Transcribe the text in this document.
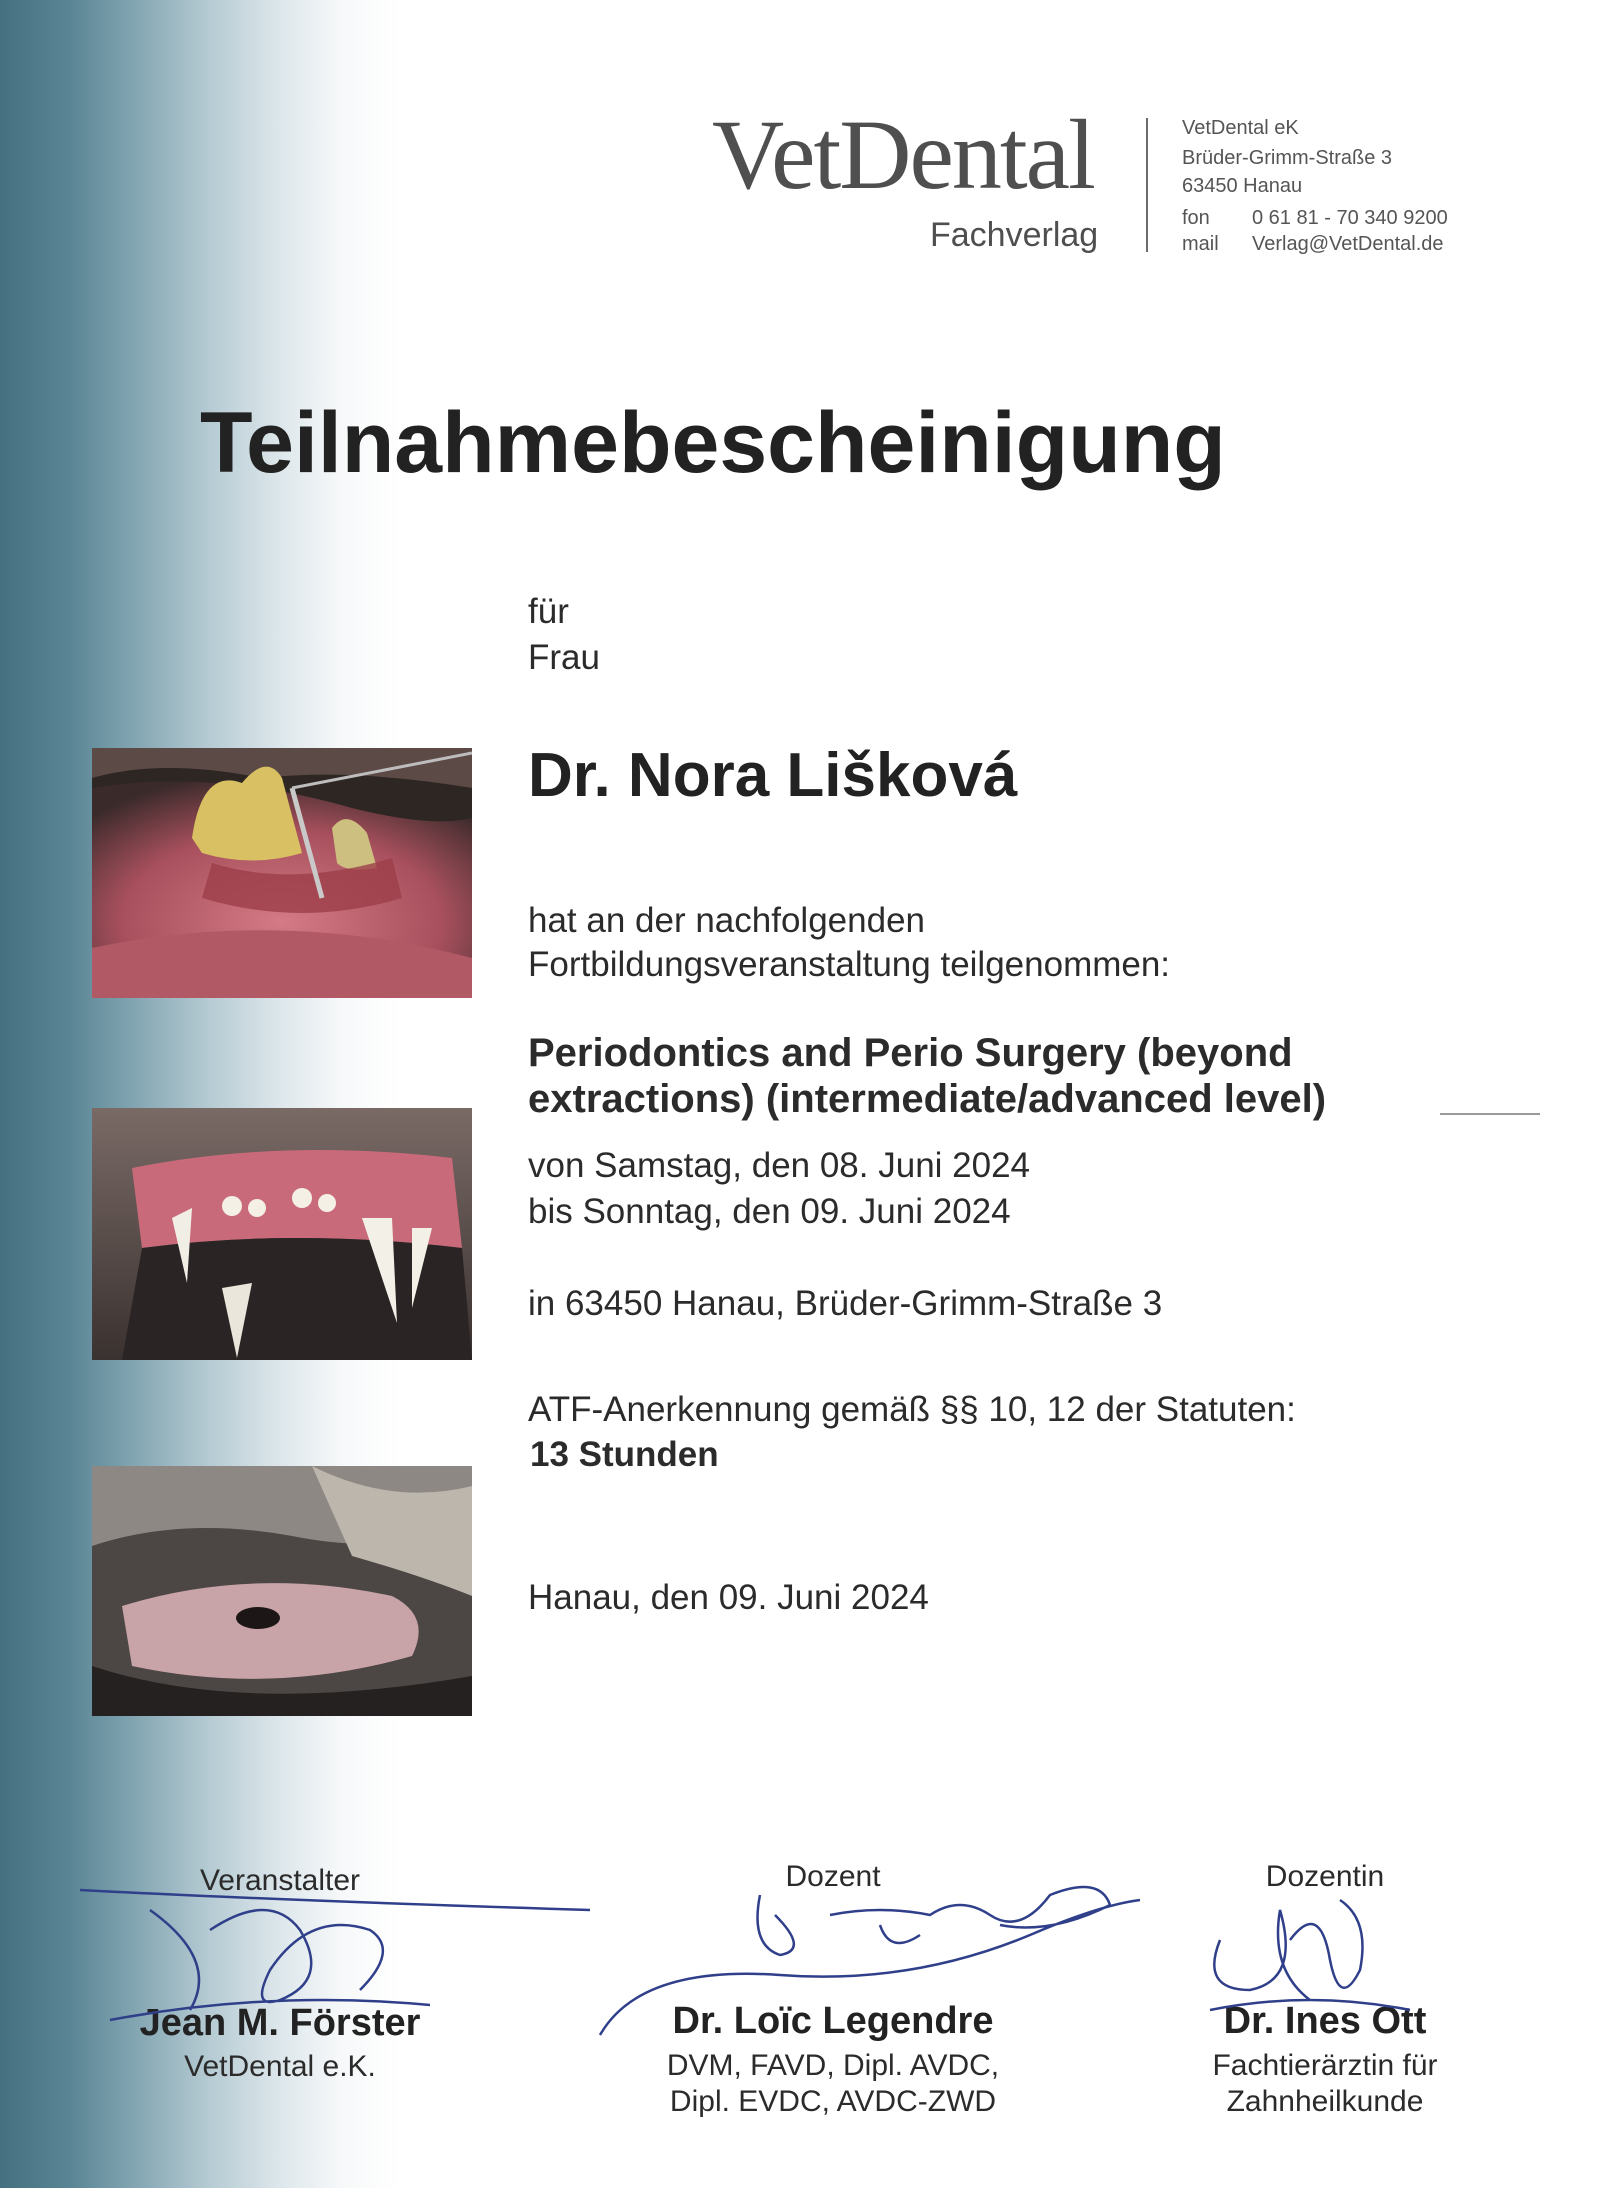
VetDental
Fachverlag
VetDental eK
Brüder-Grimm-Straße 3
63450 Hanau
fon 0 61 81 - 70 340 9200
mail Verlag@VetDental.de
Teilnahmebescheinigung
für
Frau
Dr. Nora Lišková
hat an der nachfolgenden
Fortbildungsveranstaltung teilgenommen:
Periodontics and Perio Surgery (beyond
extractions) (intermediate/advanced level)
von Samstag, den 08. Juni 2024
bis Sonntag, den 09. Juni 2024
in 63450 Hanau, Brüder-Grimm-Straße 3
ATF-Anerkennung gemäß §§ 10, 12 der Statuten:
13 Stunden
Hanau, den 09. Juni 2024
Veranstalter
Jean M. Förster
VetDental e.K.
Dozent
Dr. Loïc Legendre
DVM, FAVD, Dipl. AVDC,
Dipl. EVDC, AVDC-ZWD
Dozentin
Dr. Ines Ott
Fachtierärztin für
Zahnheilkunde
